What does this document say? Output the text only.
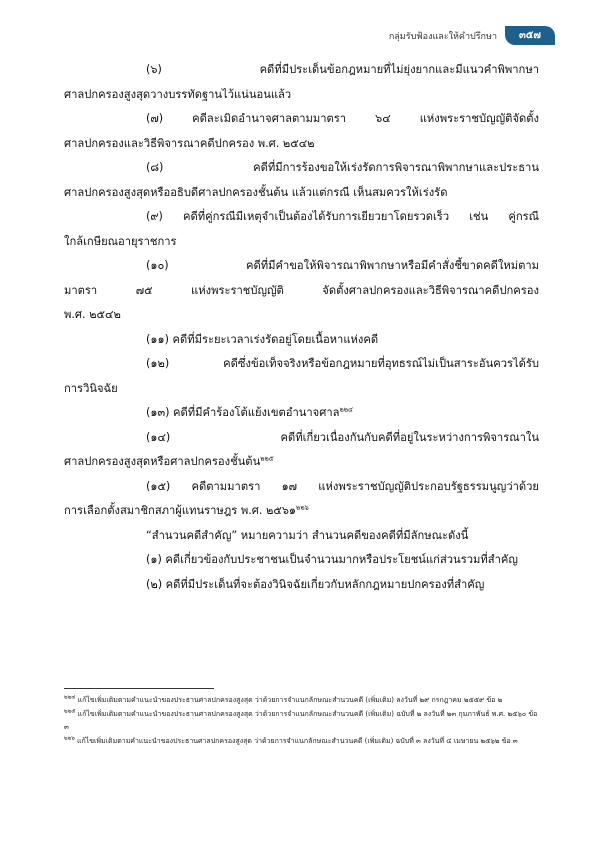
กลุ่มรับฟ้องและให้คำปรึกษา	๓๕๗

(๖) คดีที่มีประเด็นข้อกฎหมายที่ไม่ยุ่งยากและมีแนวคำพิพากษา

ศาลปกครองสูงสุดวางบรรทัดฐานไว้แน่นอนแล้ว

(๗) คดีละเมิดอำนาจศาลตามมาตรา ๖๔ แห่งพระราชบัญญัติจัดตั้ง

ศาลปกครองและวิธีพิจารณาคดีปกครอง พ.ศ. ๒๕๔๒

(๘) คดีที่มีการร้องขอให้เร่งรัดการพิจารณาพิพากษาและประธาน

ศาลปกครองสูงสุดหรืออธิบดีศาลปกครองชั้นต้น แล้วแต่กรณี เห็นสมควรให้เร่งรัด

(๙) คดีที่คู่กรณีมีเหตุจำเป็นต้องได้รับการเยียวยาโดยรวดเร็ว เช่น คู่กรณี

ใกล้เกษียณอายุราชการ

(๑๐) คดีที่มีคำขอให้พิจารณาพิพากษาหรือมีคำสั่งชี้ขาดคดีใหม่ตาม

มาตรา ๗๕ แห่งพระราชบัญญัติ จัดตั้งศาลปกครองและวิธีพิจารณาคดีปกครอง

พ.ศ. ๒๕๔๒

(๑๑) คดีที่มีระยะเวลาเร่งรัดอยู่โดยเนื้อหาแห่งคดี

(๑๒) คดีซึ่งข้อเท็จจริงหรือข้อกฎหมายที่อุทธรณ์ไม่เป็นสาระอันควรได้รับ

การวินิจฉัย

(๑๓) คดีที่มีคำร้องโต้แย้งเขตอำนาจศาล$^{๒๒๔}$

(๑๔) คดีที่เกี่ยวเนื่องกันกับคดีที่อยู่ในระหว่างการพิจารณาใน

ศาลปกครองสูงสุดหรือศาลปกครองชั้นต้น$^{๒๒๕}$

(๑๕) คดีตามมาตรา ๑๗ แห่งพระราชบัญญัติประกอบรัฐธรรมนูญว่าด้วย

การเลือกตั้งสมาชิกสภาผู้แทนราษฎร พ.ศ. ๒๕๖๑$^{๒๒๖}$

“สำนวนคดีสำคัญ” หมายความว่า สำนวนคดีของคดีที่มีลักษณะดังนี้

(๑) คดีเกี่ยวข้องกับประชาชนเป็นจำนวนมากหรือประโยชน์แก่ส่วนรวมที่สำคัญ

(๒) คดีที่มีประเด็นที่จะต้องวินิจฉัยเกี่ยวกับหลักกฎหมายปกครองที่สำคัญ

$^{๒๒๔}$ แก้ไขเพิ่มเติมตามคำแนะนำของประธานศาลปกครองสูงสุด ว่าด้วยการจำแนกลักษณะสำนวนคดี (เพิ่มเติม) ลงวันที่ ๒๙ กรกฎาคม ๒๕๕๙ ข้อ ๒

$^{๒๒๕}$ แก้ไขเพิ่มเติมตามคำแนะนำของประธานศาลปกครองสูงสุด ว่าด้วยการจำแนกลักษณะสำนวนคดี (เพิ่มเติม) ฉบับที่ ๒ ลงวันที่ ๒๓ กุมภาพันธ์ พ.ศ. ๒๕๖๐ ข้อ ๓

$^{๒๒๖}$ แก้ไขเพิ่มเติมตามคำแนะนำของประธานศาลปกครองสูงสุด ว่าด้วยการจำแนกลักษณะสำนวนคดี (เพิ่มเติม) ฉบับที่ ๓ ลงวันที่ ๔ เมษายน ๒๕๖๒ ข้อ ๓
